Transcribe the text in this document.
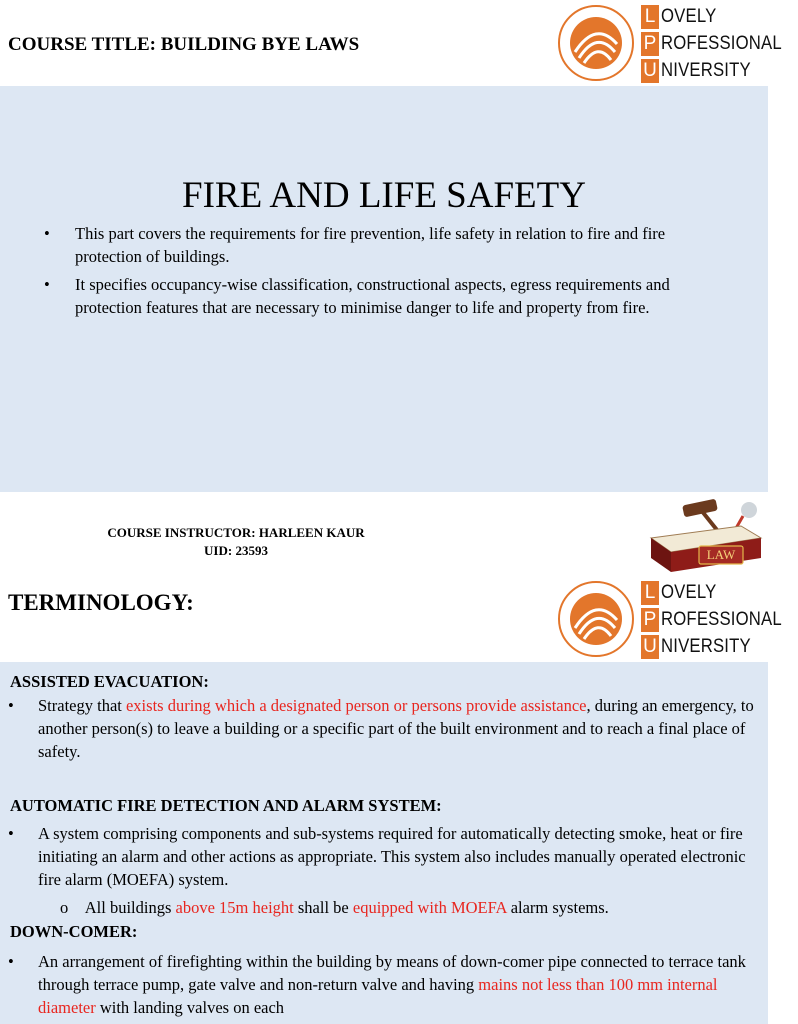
COURSE TITLE: BUILDING BYE LAWS
L OVELY
P ROFESSIONAL
U NIVERSITY
FIRE AND LIFE SAFETY
• This part covers the requirements for fire prevention, life safety in relation to fire and fire protection of buildings.
• It specifies occupancy-wise classification, constructional aspects, egress requirements and protection features that are necessary to minimise danger to life and property from fire.
COURSE INSTRUCTOR: HARLEEN KAUR
UID: 23593	LAW
TERMINOLOGY:	L OVELY
P ROFESSIONAL
U NIVERSITY
ASSISTED EVACUATION:
•	Strategy that exists during which a designated person or persons provide assistance, during an emergency, to another person(s) to leave a building or a specific part of the built environment and to reach a final place of safety.
AUTOMATIC FIRE DETECTION AND ALARM SYSTEM:
•	A system comprising components and sub-systems required for automatically detecting smoke, heat or fire initiating an alarm and other actions as appropriate. This system also includes manually operated electronic fire alarm (MOEFA) system.
o All buildings above 15m height shall be equipped with MOEFA alarm systems.
DOWN-COMER:
•	An arrangement of firefighting within the building by means of down-comer pipe connected to terrace tank through terrace pump, gate valve and non-return valve and having mains not less than 100 mm internal diameter with landing valves on each
